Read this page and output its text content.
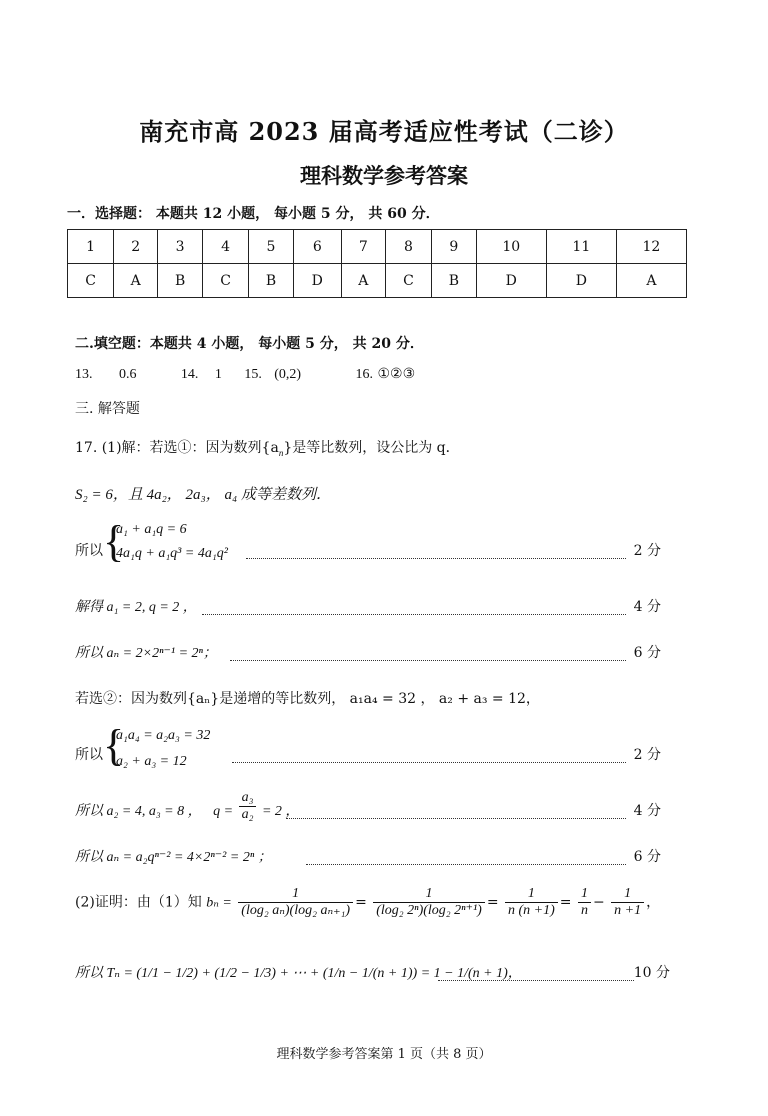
南充市高 2023 届高考适应性考试（二诊）
理科数学参考答案
一．选择题： 本题共 12 小题， 每小题 5 分， 共 60 分．
1	2	3	4	5	6	7	8	9	10	11	12
C	A	B	C	B	D	A	C	B	D	D	A
二.填空题：本题共 4 小题， 每小题 5 分， 共 20 分．
13. 0.6	14. 1 15. (0,2)	16. ①②③
三. 解答题
17. (1)解：若选①：因为数列$\{a_n\}$是等比数列，设公比为 q．
S₂ = 6，且 4a₂， 2a₃， a₄ 成等差数列．
所以 {
a₁ + a₁q = 6
4a₁q + a₁q³ = 4a₁q²	2 分
解得 a₁ = 2, q = 2 ，	4 分
所以 aₙ = 2×2ⁿ⁻¹ = 2ⁿ；	6 分
若选②：因为数列{aₙ}是递增的等比数列， a₁a₄ = 32 ， a₂ + a₃ = 12，
所以 {
a₁a₄ = a₂a₃ = 32
a₂ + a₃ = 12	2 分
所以 a₂ = 4, a₃ = 8 ， $q = \frac{\text{a₃}}{\text{a₂}} = 2$ ，	4 分
所以 aₙ = a₂qⁿ⁻² = 4×2ⁿ⁻² = 2ⁿ ；	6 分
(2)证明：由（1）知 $b_n = \frac{1}{\text{(log₂ aₙ)(log₂ aₙ₊₁)}} = \frac{1}{\text{(log₂ 2ⁿ)(log₂ 2ⁿ⁺¹)}} = \frac{1}{n (n +1)} = \frac{1}{n} - \frac{1}{n +1}$ ，
所以 Tₙ = (1/1 − 1/2) + (1/2 − 1/3) + ⋯ + (1/n − 1/(n + 1)) = 1 − 1/(n + 1)，	10 分
理科数学参考答案第 1 页（共 8 页）
